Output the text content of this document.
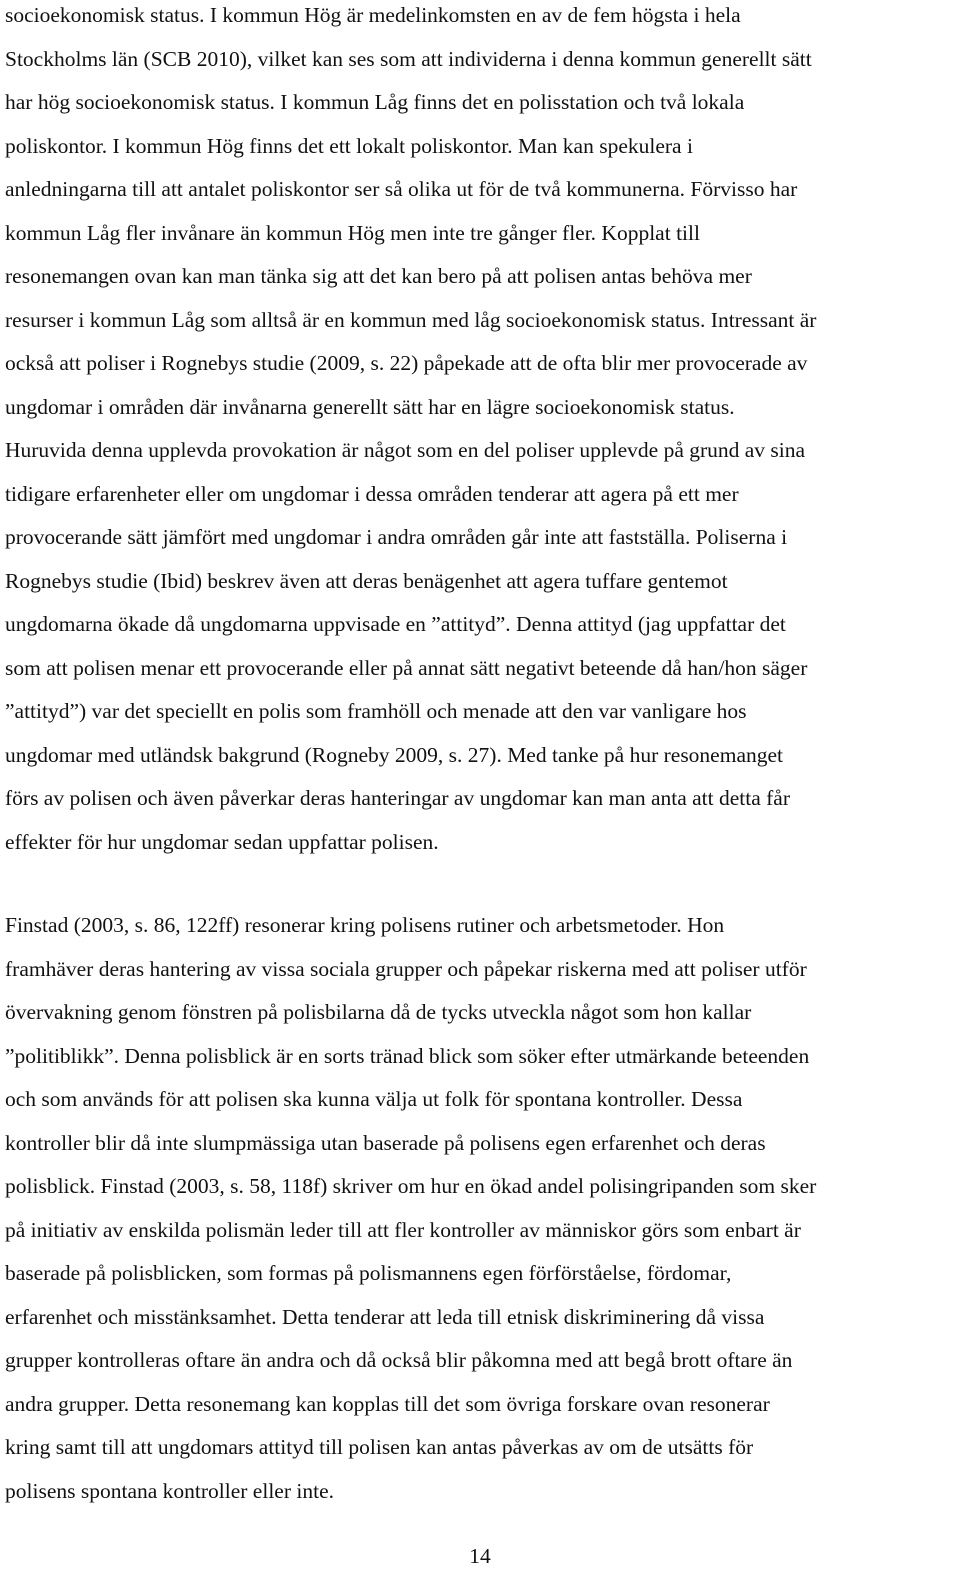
socioekonomisk status. I kommun Hög är medelinkomsten en av de fem högsta i hela
Stockholms län (SCB 2010), vilket kan ses som att individerna i denna kommun generellt sätt
har hög socioekonomisk status. I kommun Låg finns det en polisstation och två lokala
poliskontor. I kommun Hög finns det ett lokalt poliskontor. Man kan spekulera i
anledningarna till att antalet poliskontor ser så olika ut för de två kommunerna. Förvisso har
kommun Låg fler invånare än kommun Hög men inte tre gånger fler. Kopplat till
resonemangen ovan kan man tänka sig att det kan bero på att polisen antas behöva mer
resurser i kommun Låg som alltså är en kommun med låg socioekonomisk status. Intressant är
också att poliser i Rognebys studie (2009, s. 22) påpekade att de ofta blir mer provocerade av
ungdomar i områden där invånarna generellt sätt har en lägre socioekonomisk status.
Huruvida denna upplevda provokation är något som en del poliser upplevde på grund av sina
tidigare erfarenheter eller om ungdomar i dessa områden tenderar att agera på ett mer
provocerande sätt jämfört med ungdomar i andra områden går inte att fastställa. Poliserna i
Rognebys studie (Ibid) beskrev även att deras benägenhet att agera tuffare gentemot
ungdomarna ökade då ungdomarna uppvisade en ”attityd”. Denna attityd (jag uppfattar det
som att polisen menar ett provocerande eller på annat sätt negativt beteende då han/hon säger
”attityd”) var det speciellt en polis som framhöll och menade att den var vanligare hos
ungdomar med utländsk bakgrund (Rogneby 2009, s. 27). Med tanke på hur resonemanget
förs av polisen och även påverkar deras hanteringar av ungdomar kan man anta att detta får
effekter för hur ungdomar sedan uppfattar polisen.
Finstad (2003, s. 86, 122ff) resonerar kring polisens rutiner och arbetsmetoder. Hon
framhäver deras hantering av vissa sociala grupper och påpekar riskerna med att poliser utför
övervakning genom fönstren på polisbilarna då de tycks utveckla något som hon kallar
”politiblikk”. Denna polisblick är en sorts tränad blick som söker efter utmärkande beteenden
och som används för att polisen ska kunna välja ut folk för spontana kontroller. Dessa
kontroller blir då inte slumpmässiga utan baserade på polisens egen erfarenhet och deras
polisblick. Finstad (2003, s. 58, 118f) skriver om hur en ökad andel polisingripanden som sker
på initiativ av enskilda polismän leder till att fler kontroller av människor görs som enbart är
baserade på polisblicken, som formas på polismannens egen förförståelse, fördomar,
erfarenhet och misstänksamhet. Detta tenderar att leda till etnisk diskriminering då vissa
grupper kontrolleras oftare än andra och då också blir påkomna med att begå brott oftare än
andra grupper. Detta resonemang kan kopplas till det som övriga forskare ovan resonerar
kring samt till att ungdomars attityd till polisen kan antas påverkas av om de utsätts för
polisens spontana kontroller eller inte.
14
